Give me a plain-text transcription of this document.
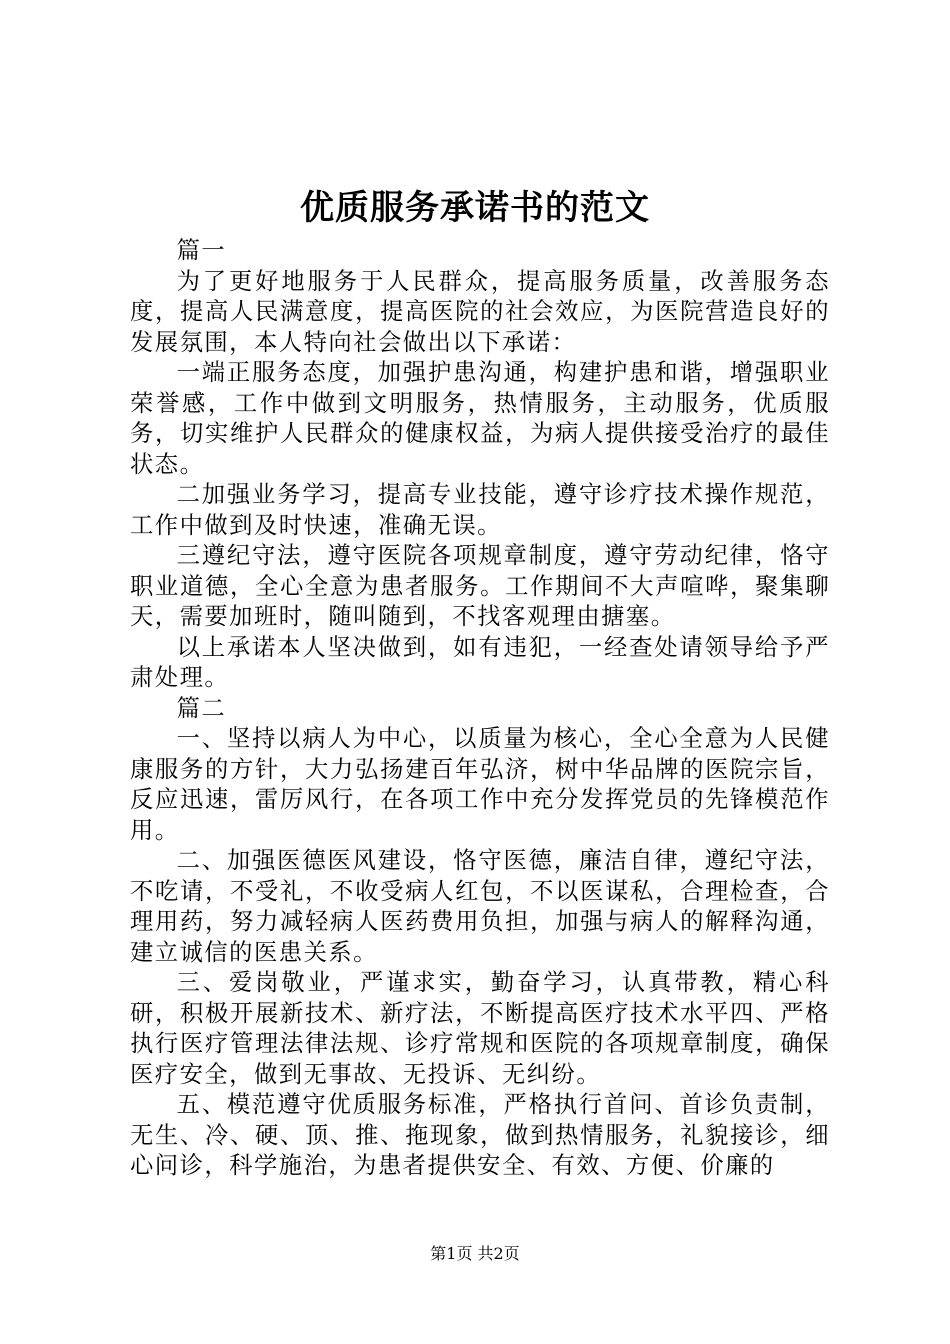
优质服务承诺书的范文

篇一

为了更好地服务于人民群众，提高服务质量，改善服务态度，提高人民满意度，提高医院的社会效应，为医院营造良好的发展氛围，本人特向社会做出以下承诺：

一端正服务态度，加强护患沟通，构建护患和谐，增强职业荣誉感，工作中做到文明服务，热情服务，主动服务，优质服务，切实维护人民群众的健康权益，为病人提供接受治疗的最佳状态。

二加强业务学习，提高专业技能，遵守诊疗技术操作规范，工作中做到及时快速，准确无误。

三遵纪守法，遵守医院各项规章制度，遵守劳动纪律，恪守职业道德，全心全意为患者服务。工作期间不大声喧哗，聚集聊天，需要加班时，随叫随到，不找客观理由搪塞。

以上承诺本人坚决做到，如有违犯，一经查处请领导给予严肃处理。

篇二

一、坚持以病人为中心，以质量为核心，全心全意为人民健康服务的方针，大力弘扬建百年弘济，树中华品牌的医院宗旨，反应迅速，雷厉风行，在各项工作中充分发挥党员的先锋模范作用。

二、加强医德医风建设，恪守医德，廉洁自律，遵纪守法，不吃请，不受礼，不收受病人红包，不以医谋私，合理检查，合理用药，努力减轻病人医药费用负担，加强与病人的解释沟通，建立诚信的医患关系。

三、爱岗敬业，严谨求实，勤奋学习，认真带教，精心科研，积极开展新技术、新疗法，不断提高医疗技术水平四、严格执行医疗管理法律法规、诊疗常规和医院的各项规章制度，确保医疗安全，做到无事故、无投诉、无纠纷。

五、模范遵守优质服务标准，严格执行首问、首诊负责制，无生、冷、硬、顶、推、拖现象，做到热情服务，礼貌接诊，细心问诊，科学施治，为患者提供安全、有效、方便、价廉的

第1页 共2页
